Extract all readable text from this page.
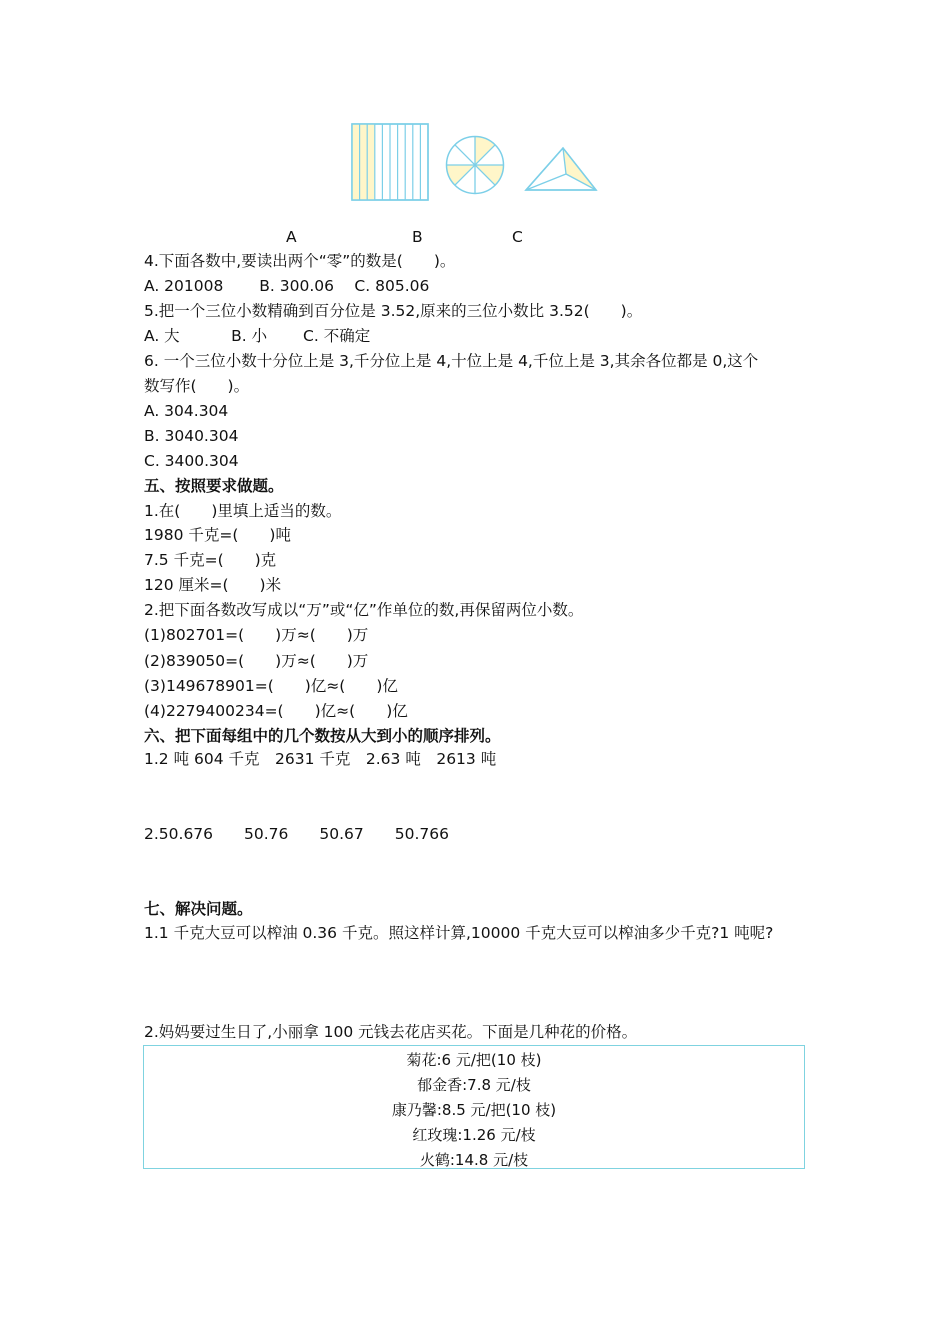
A	B	C
4.下面各数中,要读出两个“零”的数是(　　)。
A. 201008　　 B. 300.06　 C. 805.06
5.把一个三位小数精确到百分位是 3.52,原来的三位小数比 3.52(　　)。
A. 大　　　 B. 小　　 C. 不确定
6. 一个三位小数十分位上是 3,千分位上是 4,十位上是 4,千位上是 3,其余各位都是 0,这个
数写作(　　)。
A. 304.304
B. 3040.304
C. 3400.304
五、按照要求做题。
1.在(　　)里填上适当的数。
1980 千克=(　　)吨
7.5 千克=(　　)克
120 厘米=(　　)米
2.把下面各数改写成以“万”或“亿”作单位的数,再保留两位小数。
(1)802701=(　　)万≈(　　)万
(2)839050=(　　)万≈(　　)万
(3)149678901=(　　)亿≈(　　)亿
(4)2279400234=(　　)亿≈(　　)亿
六、把下面每组中的几个数按从大到小的顺序排列。
1.2 吨 604 千克　2631 千克　2.63 吨　2613 吨
2.50.676　　50.76　　50.67　　50.766
七、解决问题。
1.1 千克大豆可以榨油 0.36 千克。照这样计算,10000 千克大豆可以榨油多少千克?1 吨呢?
2.妈妈要过生日了,小丽拿 100 元钱去花店买花。下面是几种花的价格。
菊花:6 元/把(10 枝)
郁金香:7.8 元/枝
康乃馨:8.5 元/把(10 枝)
红玫瑰:1.26 元/枝
火鹤:14.8 元/枝
